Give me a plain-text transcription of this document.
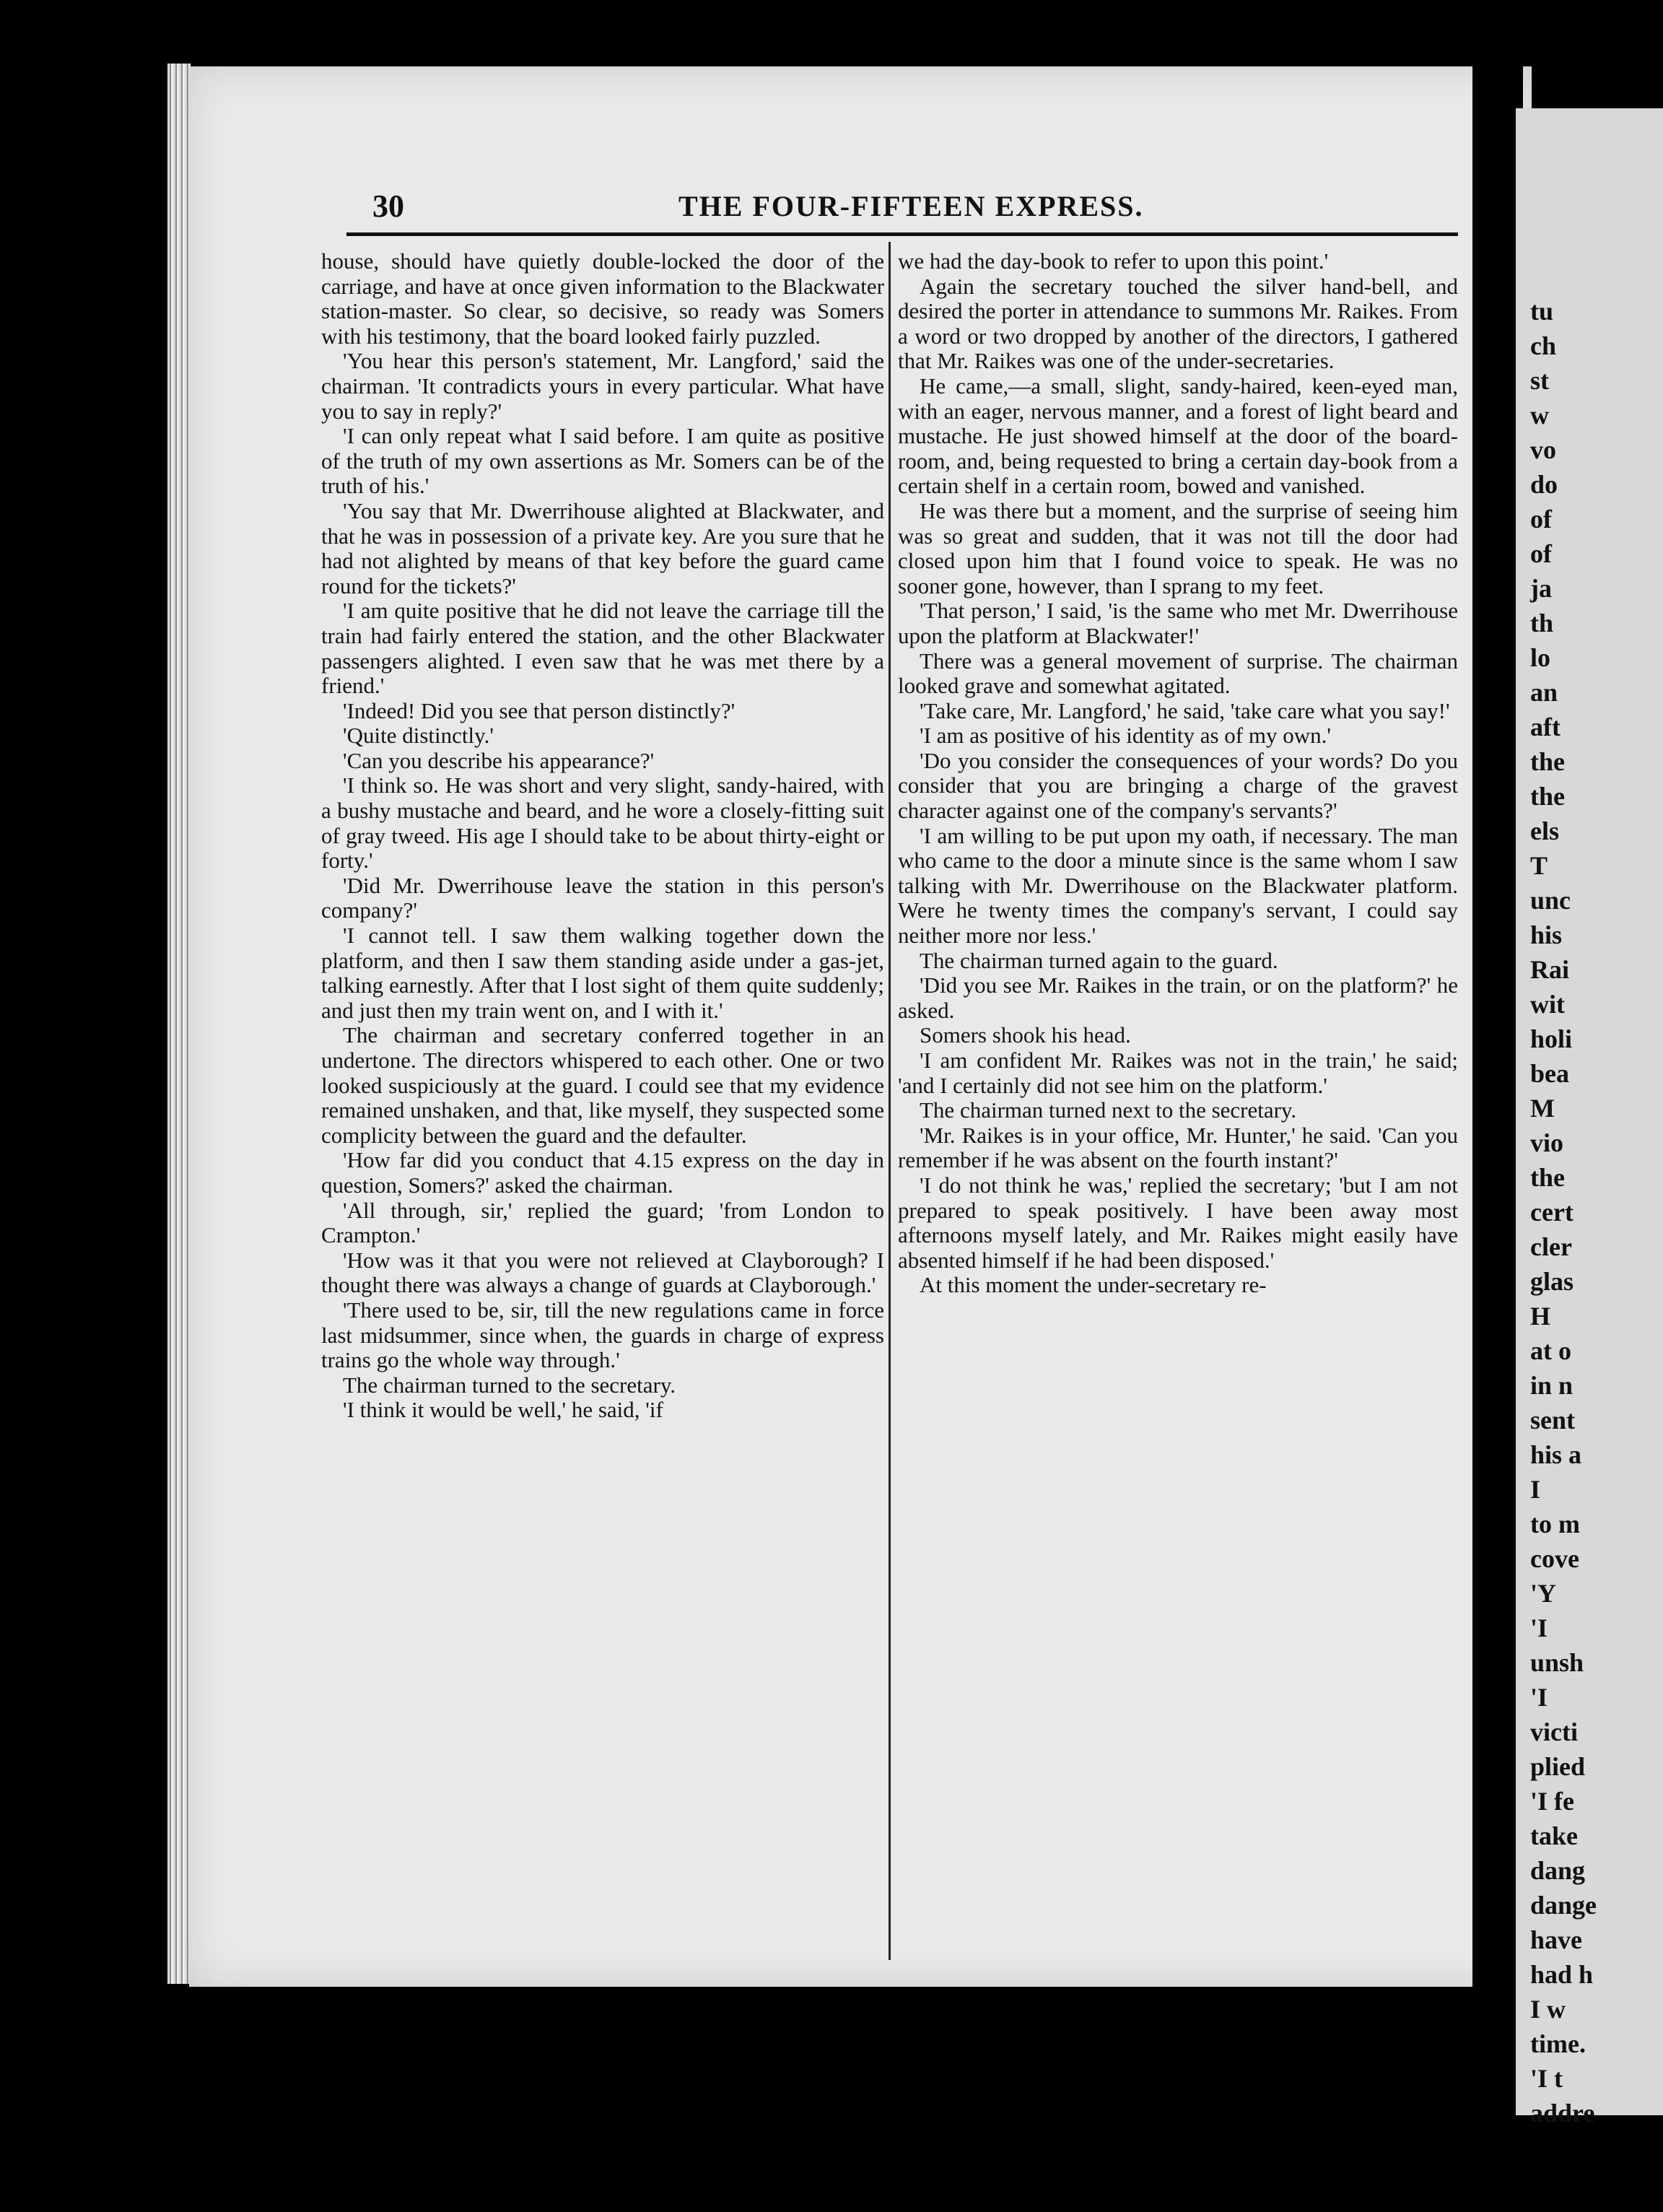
tu
ch
st
w
vo
do
of
of
ja
th
lo
an
aft
the
the
els
T
unc
his
Rai
wit
holi
bea
M
vio
the
cert
cler
glas
H
at o
in n
sent
his a
I
to m
cove
'Y
'I
unsh
'I
victi
plied
'I fe
take
dang
dange
have
had h
I w
time.
'I t
addre
30	THE FOUR-FIFTEEN EXPRESS.

house, should have quietly double-locked the door of the carriage, and have at once given information to the Blackwater station-master. So clear, so decisive, so ready was Somers with his testimony, that the board looked fairly puzzled.

'You hear this person's statement, Mr. Langford,' said the chairman. 'It contradicts yours in every particular. What have you to say in reply?'

'I can only repeat what I said before. I am quite as positive of the truth of my own assertions as Mr. Somers can be of the truth of his.'

'You say that Mr. Dwerrihouse alighted at Blackwater, and that he was in possession of a private key. Are you sure that he had not alighted by means of that key before the guard came round for the tickets?'

'I am quite positive that he did not leave the carriage till the train had fairly entered the station, and the other Blackwater passengers alighted. I even saw that he was met there by a friend.'

'Indeed! Did you see that person distinctly?'

'Quite distinctly.'

'Can you describe his appearance?'

'I think so. He was short and very slight, sandy-haired, with a bushy mustache and beard, and he wore a closely-fitting suit of gray tweed. His age I should take to be about thirty-eight or forty.'

'Did Mr. Dwerrihouse leave the station in this person's company?'

'I cannot tell. I saw them walking together down the platform, and then I saw them standing aside under a gas-jet, talking earnestly. After that I lost sight of them quite suddenly; and just then my train went on, and I with it.'

The chairman and secretary conferred together in an undertone. The directors whispered to each other. One or two looked suspiciously at the guard. I could see that my evidence remained unshaken, and that, like myself, they suspected some complicity between the guard and the defaulter.

'How far did you conduct that 4.15 express on the day in question, Somers?' asked the chairman.

'All through, sir,' replied the guard; 'from London to Crampton.'

'How was it that you were not relieved at Clayborough? I thought there was always a change of guards at Clayborough.'

'There used to be, sir, till the new regulations came in force last midsummer, since when, the guards in charge of express trains go the whole way through.'

The chairman turned to the secretary.

'I think it would be well,' he said, 'if

we had the day-book to refer to upon this point.'

Again the secretary touched the silver hand-bell, and desired the porter in attendance to summons Mr. Raikes. From a word or two dropped by another of the directors, I gathered that Mr. Raikes was one of the under-secretaries.

He came,—a small, slight, sandy-haired, keen-eyed man, with an eager, nervous manner, and a forest of light beard and mustache. He just showed himself at the door of the board-room, and, being requested to bring a certain day-book from a certain shelf in a certain room, bowed and vanished.

He was there but a moment, and the surprise of seeing him was so great and sudden, that it was not till the door had closed upon him that I found voice to speak. He was no sooner gone, however, than I sprang to my feet.

'That person,' I said, 'is the same who met Mr. Dwerrihouse upon the platform at Blackwater!'

There was a general movement of surprise. The chairman looked grave and somewhat agitated.

'Take care, Mr. Langford,' he said, 'take care what you say!'

'I am as positive of his identity as of my own.'

'Do you consider the consequences of your words? Do you consider that you are bringing a charge of the gravest character against one of the company's servants?'

'I am willing to be put upon my oath, if necessary. The man who came to the door a minute since is the same whom I saw talking with Mr. Dwerrihouse on the Blackwater platform. Were he twenty times the company's servant, I could say neither more nor less.'

The chairman turned again to the guard.

'Did you see Mr. Raikes in the train, or on the platform?' he asked.

Somers shook his head.

'I am confident Mr. Raikes was not in the train,' he said; 'and I certainly did not see him on the platform.'

The chairman turned next to the secretary.

'Mr. Raikes is in your office, Mr. Hunter,' he said. 'Can you remember if he was absent on the fourth instant?'

'I do not think he was,' replied the secretary; 'but I am not prepared to speak positively. I have been away most afternoons myself lately, and Mr. Raikes might easily have absented himself if he had been disposed.'

At this moment the under-secretary re-
